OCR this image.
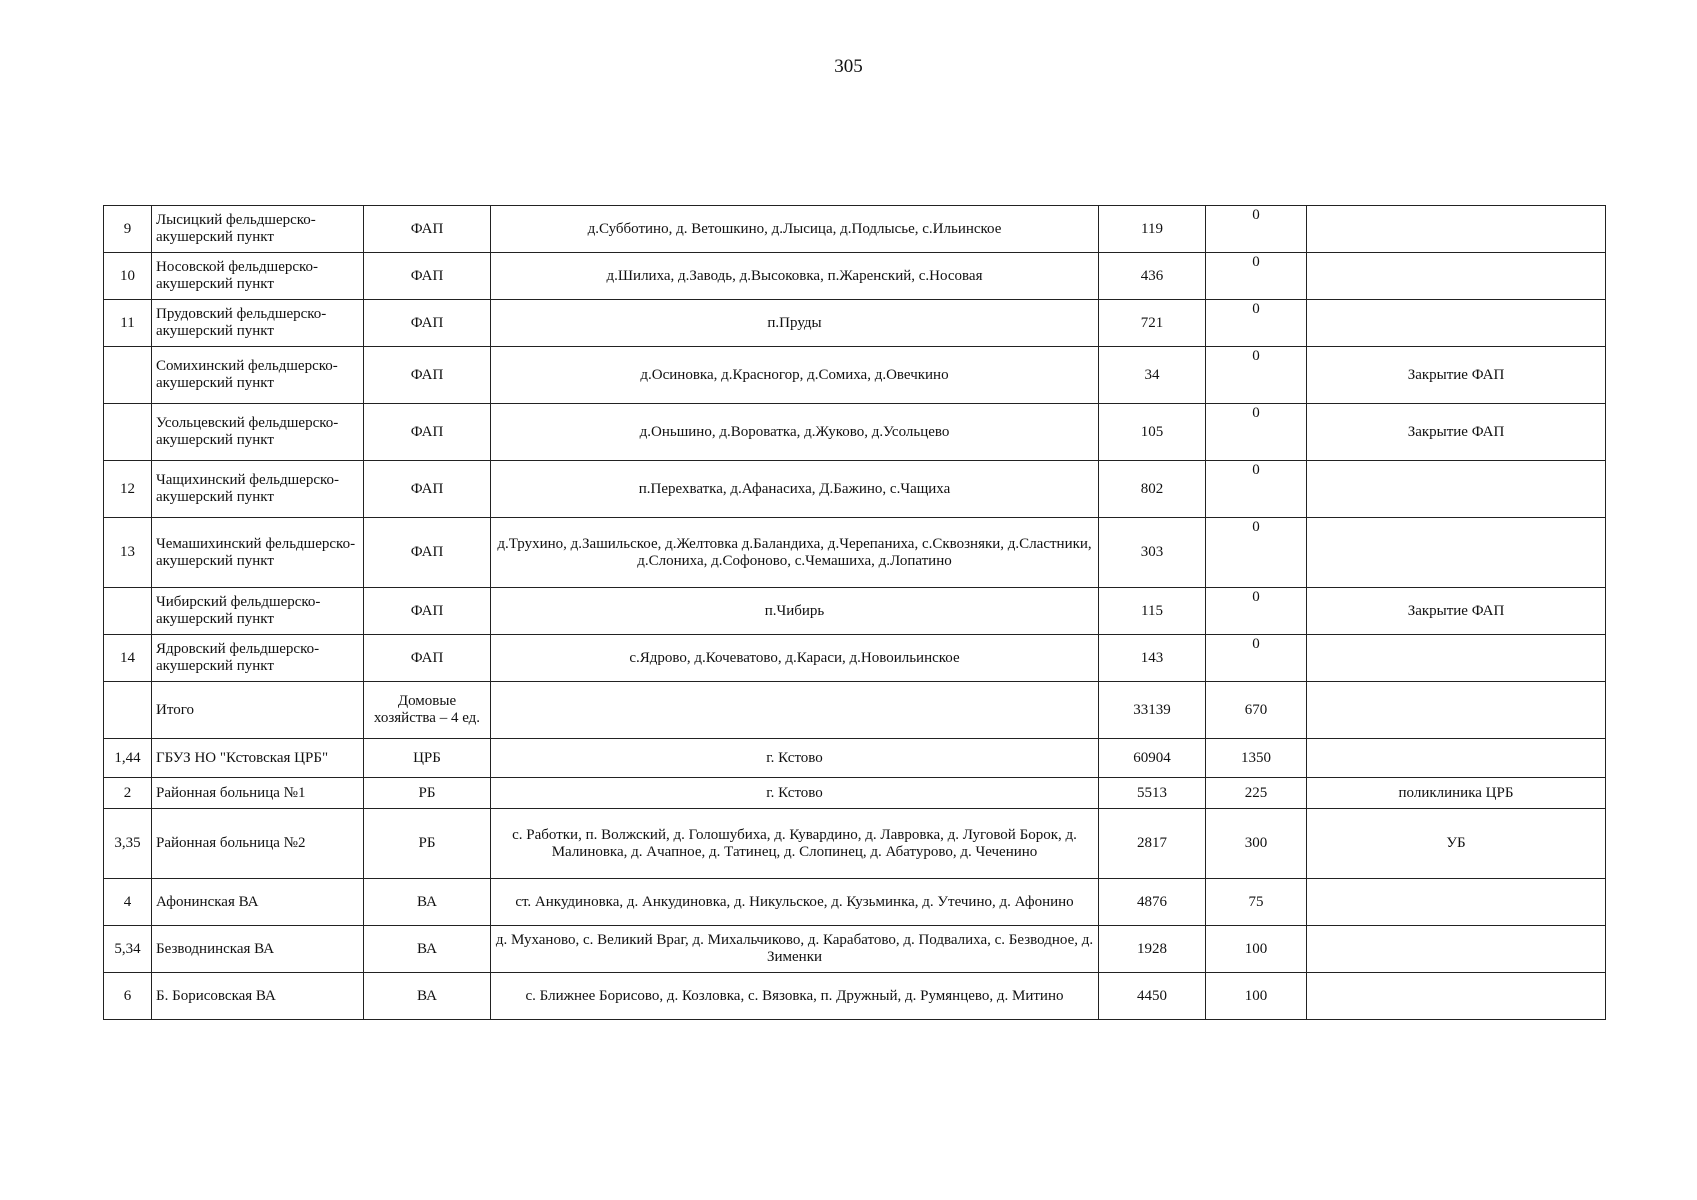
305
9	Лысицкий фельдшерско-акушерский пункт	ФАП	д.Субботино, д. Ветошкино, д.Лысица, д.Подлысье, с.Ильинское	119	0	
10	Носовской фельдшерско-акушерский пункт	ФАП	д.Шилиха, д.Заводь, д.Высоковка, п.Жаренский, с.Носовая	436	0	
11	Прудовский фельдшерско-акушерский пункт	ФАП	п.Пруды	721	0	
	Сомихинский фельдшерско-акушерский пункт	ФАП	д.Осиновка, д.Красногор, д.Сомиха, д.Овечкино	34	0	Закрытие ФАП
	Усольцевский фельдшерско-акушерский пункт	ФАП	д.Оньшино, д.Вороватка, д.Жуково, д.Усольцево	105	0	Закрытие ФАП
12	Чащихинский фельдшерско-акушерский пункт	ФАП	п.Перехватка, д.Афанасиха, Д.Бажино, с.Чащиха	802	0	
13	Чемашихинский фельдшерско-акушерский пункт	ФАП	д.Трухино, д.Зашильское, д.Желтовка д.Баландиха, д.Черепаниха, с.Сквозняки, д.Сластники, д.Слониха, д.Софоново, с.Чемашиха, д.Лопатино	303	0	
	Чибирский фельдшерско-акушерский пункт	ФАП	п.Чибирь	115	0	Закрытие ФАП
14	Ядровский фельдшерско-акушерский пункт	ФАП	с.Ядрово, д.Кочеватово, д.Караси, д.Новоильинское	143	0	
	Итого	Домовые хозяйства – 4 ед.		33139	670	
1,44	ГБУЗ НО "Кстовская ЦРБ"	ЦРБ	г. Кстово	60904	1350	
2	Районная больница №1	РБ	г. Кстово	5513	225	поликлиника ЦРБ
3,35	Районная больница №2	РБ	с. Работки, п. Волжский, д. Голошубиха, д. Кувардино, д. Лавровка, д. Луговой Борок, д. Малиновка, д. Ачапное, д. Татинец, д. Слопинец, д. Абатурово, д. Чеченино	2817	300	УБ
4	Афонинская ВА	ВА	ст. Анкудиновка, д. Анкудиновка, д. Никульское, д. Кузьминка, д. Утечино, д. Афонино	4876	75	
5,34	Безводнинская ВА	ВА	д. Муханово, с. Великий Враг, д. Михальчиково, д. Карабатово, д. Подвалиха, с. Безводное, д. Зименки	1928	100	
6	Б. Борисовская ВА	ВА	с. Ближнее Борисово, д. Козловка, с. Вязовка, п. Дружный, д. Румянцево, д. Митино	4450	100	
